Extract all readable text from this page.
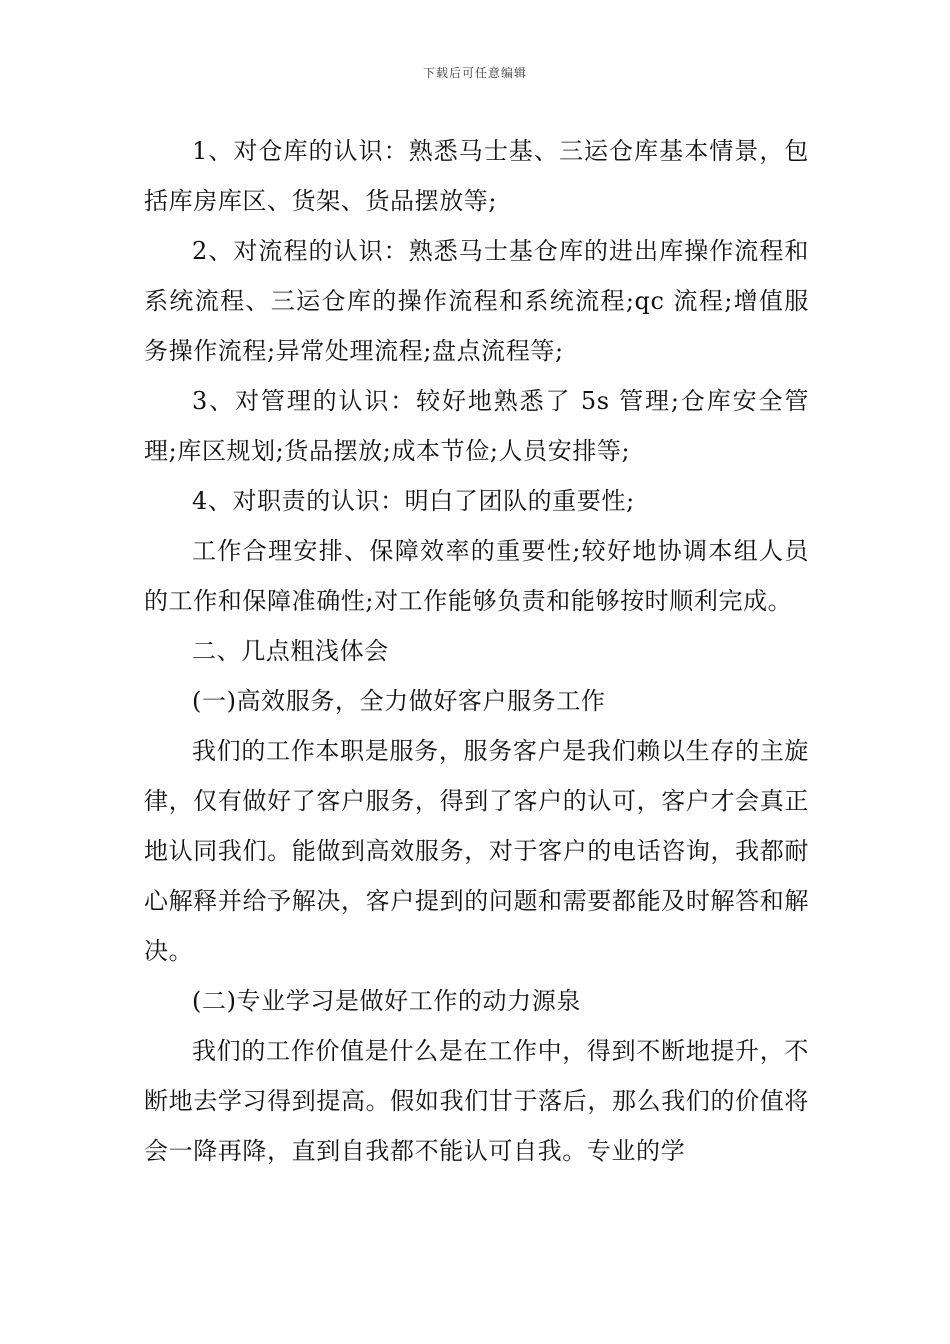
下载后可任意编辑

1、对仓库的认识：熟悉马士基、三运仓库基本情景，包括库房库区、货架、货品摆放等;

2、对流程的认识：熟悉马士基仓库的进出库操作流程和系统流程、三运仓库的操作流程和系统流程;qc 流程;增值服务操作流程;异常处理流程;盘点流程等;

3、对管理的认识：较好地熟悉了 5s 管理;仓库安全管理;库区规划;货品摆放;成本节俭;人员安排等;

4、对职责的认识：明白了团队的重要性;

工作合理安排、保障效率的重要性;较好地协调本组人员的工作和保障准确性;对工作能够负责和能够按时顺利完成。

二、几点粗浅体会

(一)高效服务，全力做好客户服务工作

我们的工作本职是服务，服务客户是我们赖以生存的主旋律，仅有做好了客户服务，得到了客户的认可，客户才会真正地认同我们。能做到高效服务，对于客户的电话咨询，我都耐心解释并给予解决，客户提到的问题和需要都能及时解答和解决。

(二)专业学习是做好工作的动力源泉

我们的工作价值是什么是在工作中，得到不断地提升，不断地去学习得到提高。假如我们甘于落后，那么我们的价值将会一降再降，直到自我都不能认可自我。专业的学
